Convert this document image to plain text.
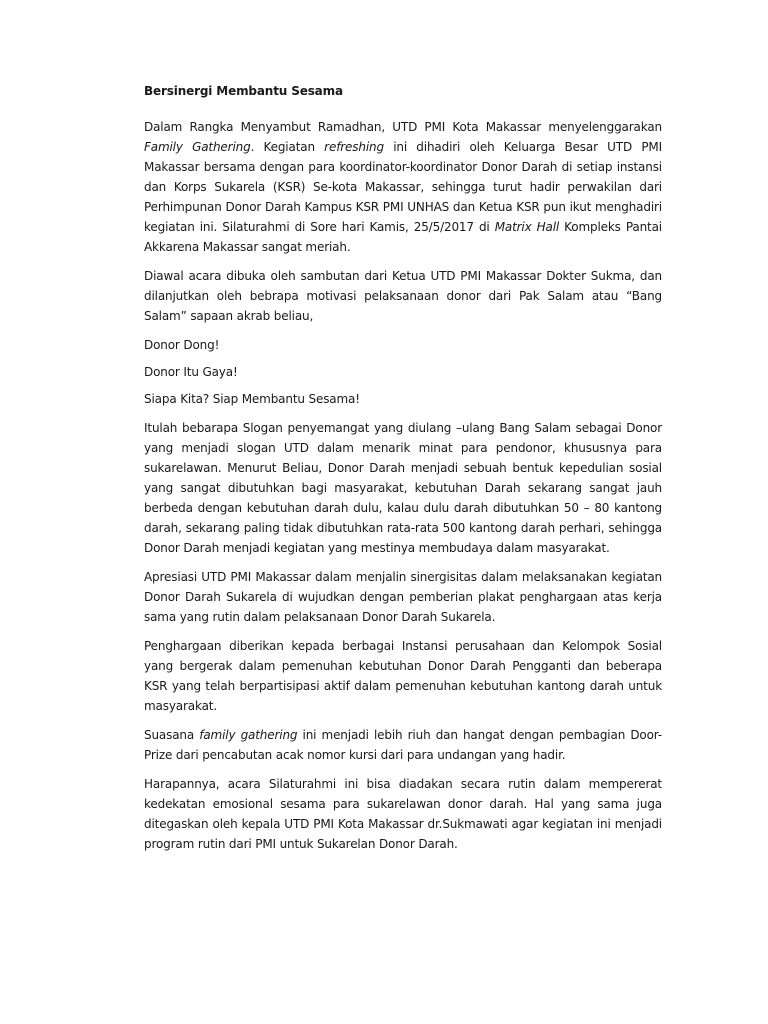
Bersinergi Membantu Sesama

Dalam Rangka Menyambut Ramadhan, UTD PMI Kota Makassar menyelenggarakan Family Gathering. Kegiatan refreshing ini dihadiri oleh Keluarga Besar UTD PMI Makassar bersama dengan para koordinator-koordinator Donor Darah di setiap instansi dan Korps Sukarela (KSR) Se-kota Makassar, sehingga turut hadir perwakilan dari Perhimpunan Donor Darah Kampus KSR PMI UNHAS dan Ketua KSR pun ikut menghadiri kegiatan ini. Silaturahmi di Sore hari Kamis, 25/5/2017 di Matrix Hall Kompleks Pantai Akkarena Makassar sangat meriah.

Diawal acara dibuka oleh sambutan dari Ketua UTD PMI Makassar Dokter Sukma, dan dilanjutkan oleh bebrapa motivasi pelaksanaan donor dari Pak Salam atau “Bang Salam” sapaan akrab beliau,

Donor Dong!

Donor Itu Gaya!

Siapa Kita? Siap Membantu Sesama!

Itulah bebarapa Slogan penyemangat yang diulang –ulang Bang Salam sebagai Donor yang menjadi slogan UTD dalam menarik minat para pendonor, khususnya para sukarelawan. Menurut Beliau, Donor Darah menjadi sebuah bentuk kepedulian sosial yang sangat dibutuhkan bagi masyarakat, kebutuhan Darah sekarang sangat jauh berbeda dengan kebutuhan darah dulu, kalau dulu darah dibutuhkan 50 – 80 kantong darah, sekarang paling tidak dibutuhkan rata-rata 500 kantong darah perhari, sehingga Donor Darah menjadi kegiatan yang mestinya membudaya dalam masyarakat.

Apresiasi UTD PMI Makassar dalam menjalin sinergisitas dalam melaksanakan kegiatan Donor Darah Sukarela di wujudkan dengan pemberian plakat penghargaan atas kerja sama yang rutin dalam pelaksanaan Donor Darah Sukarela.

Penghargaan diberikan kepada berbagai Instansi perusahaan dan Kelompok Sosial yang bergerak dalam pemenuhan kebutuhan Donor Darah Pengganti dan beberapa KSR yang telah berpartisipasi aktif dalam pemenuhan kebutuhan kantong darah untuk masyarakat.

Suasana family gathering ini menjadi lebih riuh dan hangat dengan pembagian Door-Prize dari pencabutan acak nomor kursi dari para undangan yang hadir.

Harapannya, acara Silaturahmi ini bisa diadakan secara rutin dalam mempererat kedekatan emosional sesama para sukarelawan donor darah. Hal yang sama juga ditegaskan oleh kepala UTD PMI Kota Makassar dr.Sukmawati agar kegiatan ini menjadi program rutin dari PMI untuk Sukarelan Donor Darah.
